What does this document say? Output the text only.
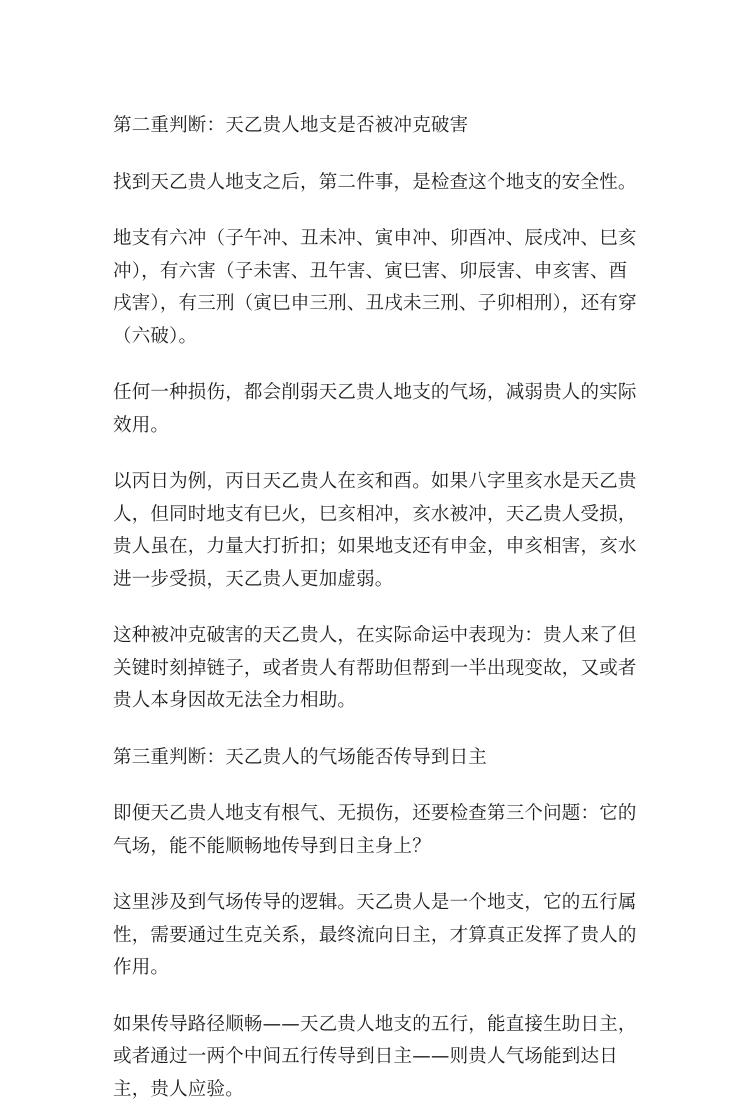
第二重判断：天乙贵人地支是否被冲克破害

找到天乙贵人地支之后，第二件事，是检查这个地支的安全性。

地支有六冲（子午冲、丑未冲、寅申冲、卯酉冲、辰戌冲、巳亥冲），有六害（子未害、丑午害、寅巳害、卯辰害、申亥害、酉戌害），有三刑（寅巳申三刑、丑戌未三刑、子卯相刑），还有穿（六破）。

任何一种损伤，都会削弱天乙贵人地支的气场，减弱贵人的实际效用。

以丙日为例，丙日天乙贵人在亥和酉。如果八字里亥水是天乙贵人，但同时地支有巳火，巳亥相冲，亥水被冲，天乙贵人受损，贵人虽在，力量大打折扣；如果地支还有申金，申亥相害，亥水进一步受损，天乙贵人更加虚弱。

这种被冲克破害的天乙贵人，在实际命运中表现为：贵人来了但关键时刻掉链子，或者贵人有帮助但帮到一半出现变故，又或者贵人本身因故无法全力相助。

第三重判断：天乙贵人的气场能否传导到日主

即便天乙贵人地支有根气、无损伤，还要检查第三个问题：它的气场，能不能顺畅地传导到日主身上？

这里涉及到气场传导的逻辑。天乙贵人是一个地支，它的五行属性，需要通过生克关系，最终流向日主，才算真正发挥了贵人的作用。

如果传导路径顺畅——天乙贵人地支的五行，能直接生助日主，或者通过一两个中间五行传导到日主——则贵人气场能到达日主，贵人应验。
